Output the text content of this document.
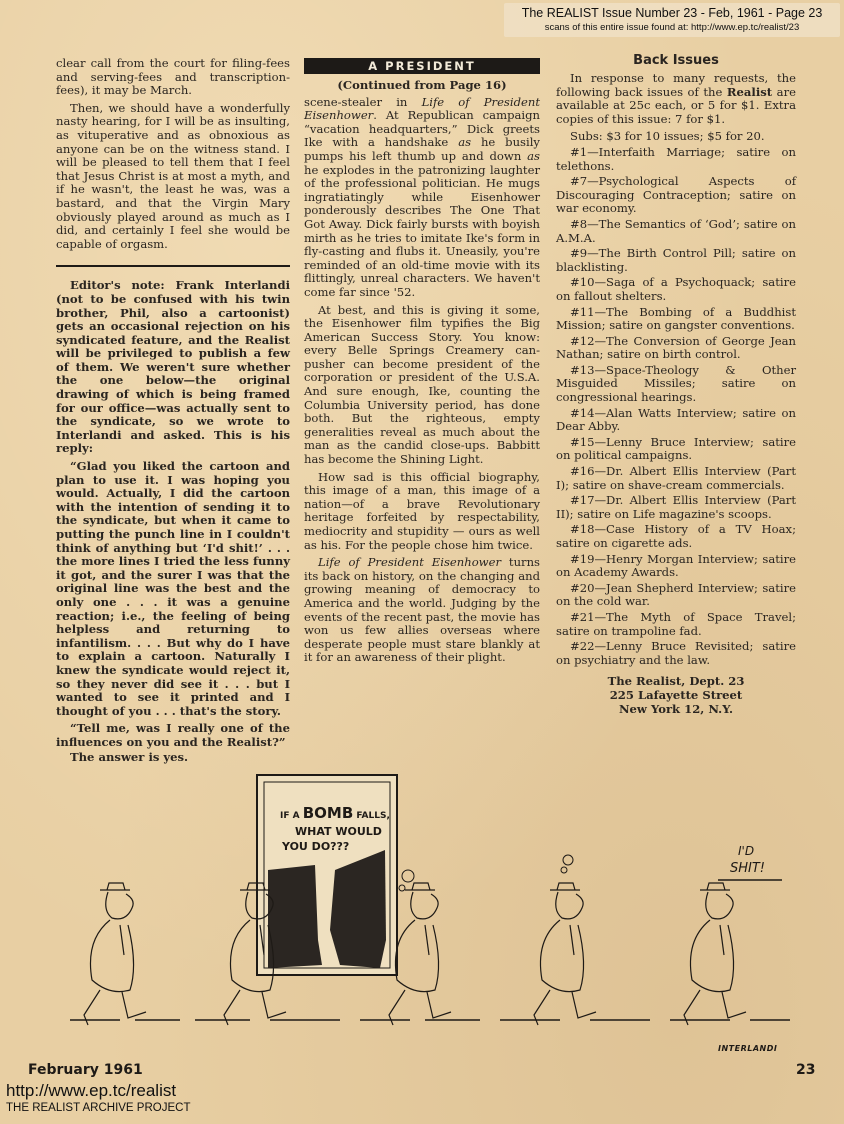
The REALIST Issue Number 23 - Feb, 1961 - Page 23
scans of this entire issue found at: http://www.ep.tc/realist/23

clear call from the court for filing-fees and serving-fees and transcription-fees), it may be March.

Then, we should have a wonderfully nasty hearing, for I will be as insulting, as vituperative and as obnoxious as anyone can be on the witness stand. I will be pleased to tell them that I feel that Jesus Christ is at most a myth, and if he wasn't, the least he was, was a bastard, and that the Virgin Mary obviously played around as much as I did, and certainly I feel she would be capable of orgasm.

Editor's note: Frank Interlandi (not to be confused with his twin brother, Phil, also a cartoonist) gets an occasional rejection on his syndicated feature, and the Realist will be privileged to publish a few of them. We weren't sure whether the one below—the original drawing of which is being framed for our office—was actually sent to the syndicate, so we wrote to Interlandi and asked. This is his reply:

“Glad you liked the cartoon and plan to use it. I was hoping you would. Actually, I did the cartoon with the intention of sending it to the syndicate, but when it came to putting the punch line in I couldn't think of anything but ‘I'd shit!’ . . . the more lines I tried the less funny it got, and the surer I was that the original line was the best and the only one . . . it was a genuine reaction; i.e., the feeling of being helpless and returning to infantilism. . . . But why do I have to explain a cartoon. Naturally I knew the syndicate would reject it, so they never did see it . . . but I wanted to see it printed and I thought of you . . . that's the story.

“Tell me, was I really one of the influences on you and the Realist?”

The answer is yes.

A PRESIDENT
(Continued from Page 16)

scene-stealer in Life of President Eisenhower. At Republican campaign “vacation headquarters,” Dick greets Ike with a handshake as he busily pumps his left thumb up and down as he explodes in the patronizing laughter of the professional politician. He mugs ingratiatingly while Eisenhower ponderously describes The One That Got Away. Dick fairly bursts with boyish mirth as he tries to imitate Ike's form in fly-casting and flubs it. Uneasily, you're reminded of an old-time movie with its flittingly, unreal characters. We haven't come far since '52.

At best, and this is giving it some, the Eisenhower film typifies the Big American Success Story. You know: every Belle Springs Creamery can-pusher can become president of the corporation or president of the U.S.A. And sure enough, Ike, counting the Columbia University period, has done both. But the righteous, empty generalities reveal as much about the man as the candid close-ups. Babbitt has become the Shining Light.

How sad is this official biography, this image of a man, this image of a nation—of a brave Revolutionary heritage forfeited by respectability, mediocrity and stupidity — ours as well as his. For the people chose him twice.

Life of President Eisenhower turns its back on history, on the changing and growing meaning of democracy to America and the world. Judging by the events of the recent past, the movie has won us few allies overseas where desperate people must stare blankly at it for an awareness of their plight.

Back Issues

In response to many requests, the following back issues of the Realist are available at 25c each, or 5 for $1. Extra copies of this issue: 7 for $1.

Subs: $3 for 10 issues; $5 for 20.

#1—Interfaith Marriage; satire on telethons.

#7—Psychological Aspects of Discouraging Contraception; satire on war economy.

#8—The Semantics of ‘God’; satire on A.M.A.

#9—The Birth Control Pill; satire on blacklisting.

#10—Saga of a Psychoquack; satire on fallout shelters.

#11—The Bombing of a Buddhist Mission; satire on gangster conventions.

#12—The Conversion of George Jean Nathan; satire on birth control.

#13—Space-Theology & Other Misguided Missiles; satire on congressional hearings.

#14—Alan Watts Interview; satire on Dear Abby.

#15—Lenny Bruce Interview; satire on political campaigns.

#16—Dr. Albert Ellis Interview (Part I); satire on shave-cream commercials.

#17—Dr. Albert Ellis Interview (Part II); satire on Life magazine's scoops.

#18—Case History of a TV Hoax; satire on cigarette ads.

#19—Henry Morgan Interview; satire on Academy Awards.

#20—Jean Shepherd Interview; satire on the cold war.

#21—The Myth of Space Travel; satire on trampoline fad.

#22—Lenny Bruce Revisited; satire on psychiatry and the law.

The Realist, Dept. 23
225 Lafayette Street
New York 12, N.Y.
IF A BOMB FALLS,
WHAT WOULD
YOU DO???	I'D
SHIT!
INTERLANDI
February 1961	23
http://www.ep.tc/realist
THE REALIST ARCHIVE PROJECT
